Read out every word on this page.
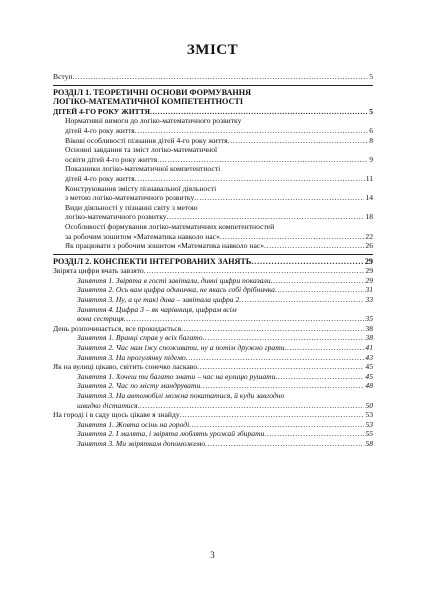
ЗМІСТ
Вступ . . .	5
РОЗДІЛ 1. ТЕОРЕТИЧНІ ОСНОВИ ФОРМУВАННЯ
ЛОГІКО-МАТЕМАТИЧНОЇ КОМПЕТЕНТНОСТІ
ДІТЕЙ 4-ГО РОКУ ЖИТТЯ . . .	5
Нормативні вимоги до логіко-математичного розвитку
дітей 4-го року життя . . .	6
Вікові особливості пізнання дітей 4-го року життя . . .	8
Основні завдання та зміст логіко-математичної
освіти дітей 4-го року життя . . .	9
Показники логіко-математичної компетентності
дітей 4-го року життя . . .	11
Конструювання змісту пізнавальної діяльності
з метою логіко-математичного розвитку . . .	14
Види діяльності у пізнанні світу з метою
логіко-математичного розвитку . . .	18
Особливості формування логіко-математичних компетентностей
за робочим зошитом «Математика навколо нас» . . .	22
Як працювати з робочим зошитом «Математика навколо нас» . . .	26
РОЗДІЛ 2. КОНСПЕКТИ ІНТЕГРОВАНИХ ЗАНЯТЬ . . .	29
Звірята цифри вчать завзято . . .	29
Заняття 1. Звірята в гості завітали, дивні цифри показали . . .	29
Заняття 2. Ось вам цифра одиничка, не якась собі дрібничка . . .	31
Заняття 3. Ну, а це такі дива – завітала цифра 2 . . .	33
Заняття 4. Цифра 3 – як чарівниця, цифрам всім
вона сестриця . . .	35
День розпочинається, все прокидається . . .	38
Заняття 1. Вранці справ у всіх багато . . .	38
Заняття 2. Час нам їжу споживати, ну а потім дружно грати . . .	41
Заняття 3. На прогулянку підемо . . .	43
Як на вулиці цікаво, світить сонечко ласкаво . . .	45
Заняття 1. Хочеш ти багато знати – час на вулицю рушати . . .	45
Заняття 2. Час по місту мандрувати . . .	48
Заняття 3. На автомобілі можна покататися, й куди завгодно
швидко дістатися . . .	50
На городі і в саду щось цікаве я знайду . . .	53
Заняття 1. Жовта осінь на городі . . .	53
Заняття 2. І малята, і звірята люблять урожай збирати . . .	55
Заняття 3. Ми звіряткам допоможемо . . .	58
3
